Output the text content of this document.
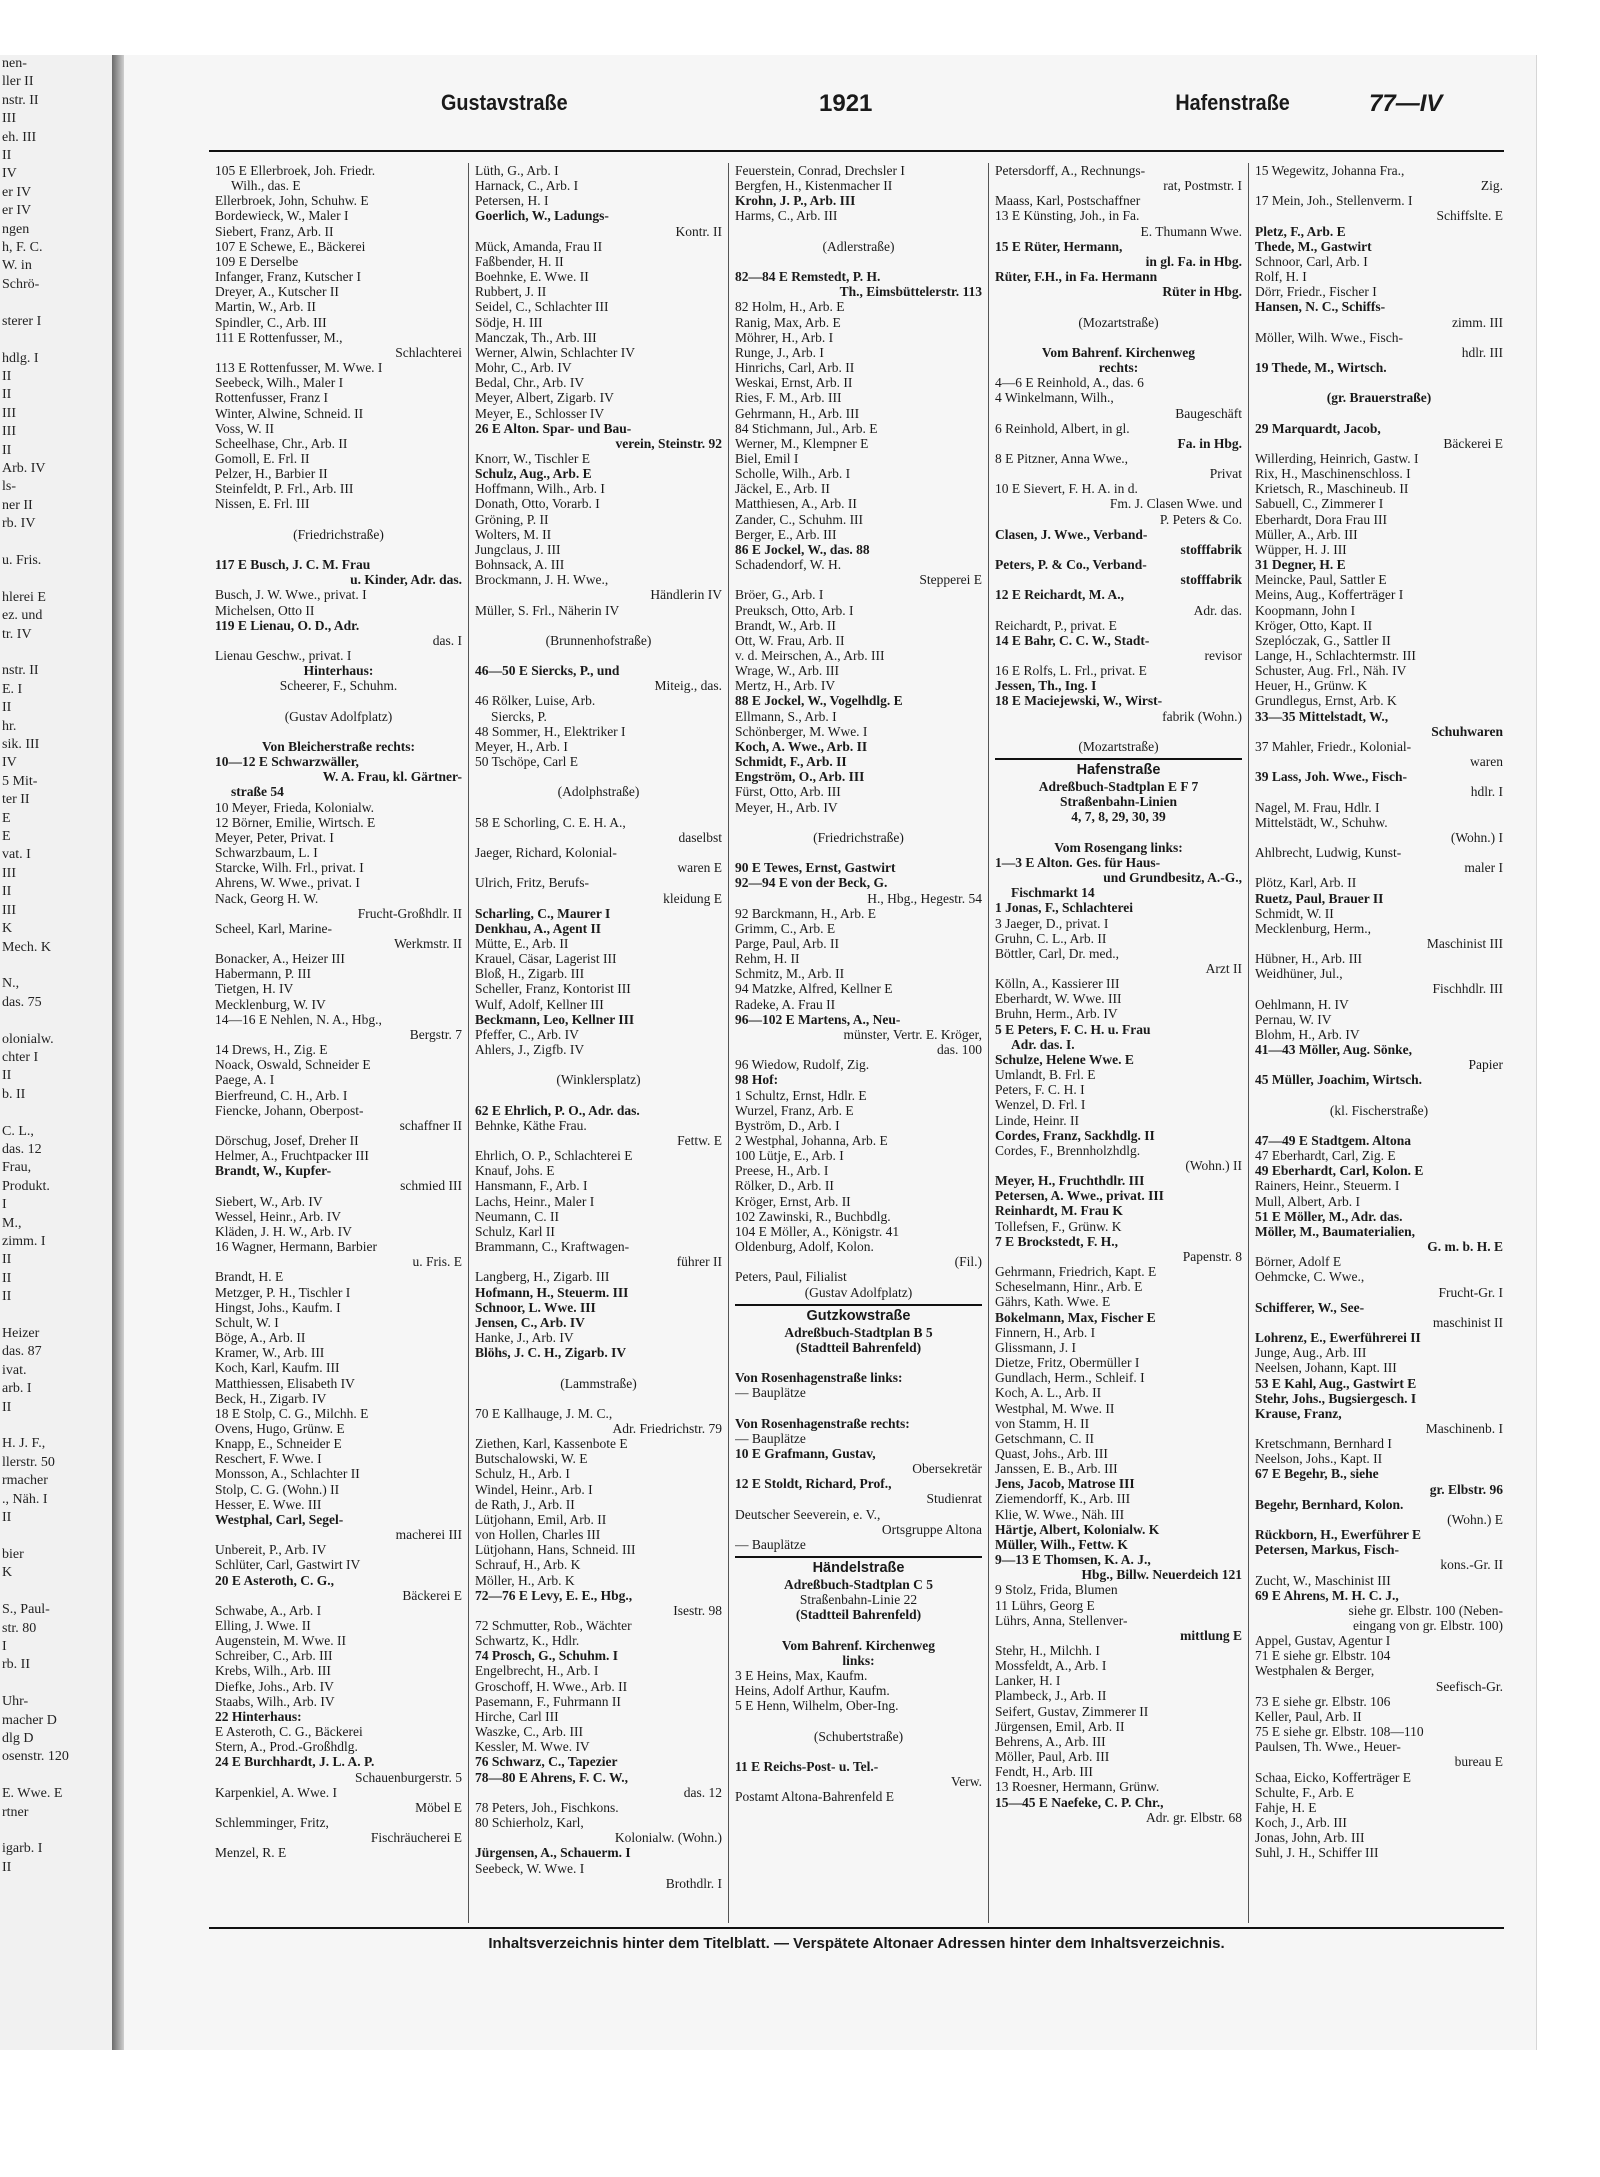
nen-
ller II
nstr. II
III
eh. III
II
IV
er IV
er IV
ngen
h, F. C.
W. in
Schrö-

sterer I

hdlg. I
II
II
III
III
II
Arb. IV
ls-
ner II
rb. IV

u. Fris.

hlerei E
ez. und
tr. IV

nstr. II
E. I
II
hr.
sik. III
IV
5 Mit-
ter II
E
E
vat. I
III
II
III
K
Mech. K

N.,
das. 75

olonialw.
chter I
II
b. II

C. L.,
das. 12
Frau,
Produkt.
I
M.,
zimm. I
II
II
II

Heizer
das. 87
ivat.
arb. I
II

H. J. F.,
llerstr. 50
rmacher
., Näh. I
II

bier
K

S., Paul-
str. 80
I
rb. II

Uhr-
macher D
dlg D
osenstr. 120

E. Wwe. E
rtner

igarb. I
II
Gustavstraße	1921	Hafenstraße	77—IV
105 E Ellerbroek, Joh. Friedr.
Wilh., das. E
Ellerbroek, John, Schuhw. E
Bordewieck, W., Maler I
Siebert, Franz, Arb. II
107 E Schewe, E., Bäckerei
109 E Derselbe
Infanger, Franz, Kutscher I
Dreyer, A., Kutscher II
Martin, W., Arb. II
Spindler, C., Arb. III
111 E Rottenfusser, M.,
Schlachterei
113 E Rottenfusser, M. Wwe. I
Seebeck, Wilh., Maler I
Rottenfusser, Franz I
Winter, Alwine, Schneid. II
Voss, W. II
Scheelhase, Chr., Arb. II
Gomoll, E. Frl. II
Pelzer, H., Barbier II
Steinfeldt, P. Frl., Arb. III
Nissen, E. Frl. III

(Friedrichstraße)

117 E Busch, J. C. M. Frau
u. Kinder, Adr. das.
Busch, J. W. Wwe., privat. I
Michelsen, Otto II
119 E Lienau, O. D., Adr.
das. I
Lienau Geschw., privat. I
Hinterhaus:
Scheerer, F., Schuhm.

(Gustav Adolfplatz)

Von Bleicherstraße rechts:
10—12 E Schwarzwäller,
W. A. Frau, kl. Gärtner-
straße 54
10 Meyer, Frieda, Kolonialw.
12 Börner, Emilie, Wirtsch. E
Meyer, Peter, Privat. I
Schwarzbaum, L. I
Starcke, Wilh. Frl., privat. I
Ahrens, W. Wwe., privat. I
Nack, Georg H. W.
Frucht-Großhdlr. II
Scheel, Karl, Marine-
Werkmstr. II
Bonacker, A., Heizer III
Habermann, P. III
Tietgen, H. IV
Mecklenburg, W. IV
14—16 E Nehlen, N. A., Hbg.,
Bergstr. 7
14 Drews, H., Zig. E
Noack, Oswald, Schneider E
Paege, A. I
Bierfreund, C. H., Arb. I
Fiencke, Johann, Oberpost-
schaffner II
Dörschug, Josef, Dreher II
Helmer, A., Fruchtpacker III
Brandt, W., Kupfer-
schmied III
Siebert, W., Arb. IV
Wessel, Heinr., Arb. IV
Kläden, J. H. W., Arb. IV
16 Wagner, Hermann, Barbier
u. Fris. E
Brandt, H. E
Metzger, P. H., Tischler I
Hingst, Johs., Kaufm. I
Schult, W. I
Böge, A., Arb. II
Kramer, W., Arb. III
Koch, Karl, Kaufm. III
Matthiessen, Elisabeth IV
Beck, H., Zigarb. IV
18 E Stolp, C. G., Milchh. E
Ovens, Hugo, Grünw. E
Knapp, E., Schneider E
Reschert, F. Wwe. I
Monsson, A., Schlachter II
Stolp, C. G. (Wohn.) II
Hesser, E. Wwe. III
Westphal, Carl, Segel-
macherei III
Unbereit, P., Arb. IV
Schlüter, Carl, Gastwirt IV
20 E Asteroth, C. G.,
Bäckerei E
Schwabe, A., Arb. I
Elling, J. Wwe. II
Augenstein, M. Wwe. II
Schreiber, C., Arb. III
Krebs, Wilh., Arb. III
Diefke, Johs., Arb. IV
Staabs, Wilh., Arb. IV
22 Hinterhaus:
E Asteroth, C. G., Bäckerei
Stern, A., Prod.-Großhdlg.
24 E Burchhardt, J. L. A. P.
Schauenburgerstr. 5
Karpenkiel, A. Wwe. I
Möbel E
Schlemminger, Fritz,
Fischräucherei E
Menzel, R. E
Lüth, G., Arb. I
Harnack, C., Arb. I
Petersen, H. I
Goerlich, W., Ladungs-
Kontr. II
Mück, Amanda, Frau II
Faßbender, H. II
Boehnke, E. Wwe. II
Rubbert, J. II
Seidel, C., Schlachter III
Södje, H. III
Manczak, Th., Arb. III
Werner, Alwin, Schlachter IV
Mohr, C., Arb. IV
Bedal, Chr., Arb. IV
Meyer, Albert, Zigarb. IV
Meyer, E., Schlosser IV
26 E Alton. Spar- und Bau-
verein, Steinstr. 92
Knorr, W., Tischler E
Schulz, Aug., Arb. E
Hoffmann, Wilh., Arb. I
Donath, Otto, Vorarb. I
Gröning, P. II
Wolters, M. II
Jungclaus, J. III
Bohnsack, A. III
Brockmann, J. H. Wwe.,
Händlerin IV
Müller, S. Frl., Näherin IV

(Brunnenhofstraße)

46—50 E Siercks, P., und
Miteig., das.
46 Rölker, Luise, Arb.
Siercks, P.
48 Sommer, H., Elektriker I
Meyer, H., Arb. I
50 Tschöpe, Carl E

(Adolphstraße)

58 E Schorling, C. E. H. A.,
daselbst
Jaeger, Richard, Kolonial-
waren E
Ulrich, Fritz, Berufs-
kleidung E
Scharling, C., Maurer I
Denkhau, A., Agent II
Mütte, E., Arb. II
Krauel, Cäsar, Lagerist III
Bloß, H., Zigarb. III
Scheller, Franz, Kontorist III
Wulf, Adolf, Kellner III
Beckmann, Leo, Kellner III
Pfeffer, C., Arb. IV
Ahlers, J., Zigfb. IV

(Winklersplatz)

62 E Ehrlich, P. O., Adr. das.
Behnke, Käthe Frau.
Fettw. E
Ehrlich, O. P., Schlachterei E
Knauf, Johs. E
Hansmann, F., Arb. I
Lachs, Heinr., Maler I
Neumann, C. II
Schulz, Karl II
Brammann, C., Kraftwagen-
führer II
Langberg, H., Zigarb. III
Hofmann, H., Steuerm. III
Schnoor, L. Wwe. III
Jensen, C., Arb. IV
Hanke, J., Arb. IV
Blöhs, J. C. H., Zigarb. IV

(Lammstraße)

70 E Kallhauge, J. M. C.,
Adr. Friedrichstr. 79
Ziethen, Karl, Kassenbote E
Butschalowski, W. E
Schulz, H., Arb. I
Windel, Heinr., Arb. I
de Rath, J., Arb. II
Lütjohann, Emil, Arb. II
von Hollen, Charles III
Lütjohann, Hans, Schneid. III
Schrauf, H., Arb. K
Möller, H., Arb. K
72—76 E Levy, E. E., Hbg.,
Isestr. 98
72 Schmutter, Rob., Wächter
Schwartz, K., Hdlr.
74 Prosch, G., Schuhm. I
Engelbrecht, H., Arb. I
Groschoff, H. Wwe., Arb. II
Pasemann, F., Fuhrmann II
Hirche, Carl III
Waszke, C., Arb. III
Kessler, M. Wwe. IV
76 Schwarz, C., Tapezier
78—80 E Ahrens, F. C. W.,
das. 12
78 Peters, Joh., Fischkons.
80 Schierholz, Karl,
Kolonialw. (Wohn.)
Jürgensen, A., Schauerm. I
Seebeck, W. Wwe. I
Brothdlr. I
Feuerstein, Conrad, Drechsler I
Bergfen, H., Kistenmacher II
Krohn, J. P., Arb. III
Harms, C., Arb. III

(Adlerstraße)

82—84 E Remstedt, P. H.
Th., Eimsbüttelerstr. 113
82 Holm, H., Arb. E
Ranig, Max, Arb. E
Möhrer, H., Arb. I
Runge, J., Arb. I
Hinrichs, Carl, Arb. II
Weskai, Ernst, Arb. II
Ries, F. M., Arb. III
Gehrmann, H., Arb. III
84 Stichmann, Jul., Arb. E
Werner, M., Klempner E
Biel, Emil I
Scholle, Wilh., Arb. I
Jäckel, E., Arb. II
Matthiesen, A., Arb. II
Zander, C., Schuhm. III
Berger, E., Arb. III
86 E Jockel, W., das. 88
Schadendorf, W. H.
Stepperei E
Bröer, G., Arb. I
Preuksch, Otto, Arb. I
Brandt, W., Arb. II
Ott, W. Frau, Arb. II
v. d. Meirschen, A., Arb. III
Wrage, W., Arb. III
Mertz, H., Arb. IV
88 E Jockel, W., Vogelhdlg. E
Ellmann, S., Arb. I
Schönberger, M. Wwe. I
Koch, A. Wwe., Arb. II
Schmidt, F., Arb. II
Engström, O., Arb. III
Fürst, Otto, Arb. III
Meyer, H., Arb. IV

(Friedrichstraße)

90 E Tewes, Ernst, Gastwirt
92—94 E von der Beck, G.
H., Hbg., Hegestr. 54
92 Barckmann, H., Arb. E
Grimm, C., Arb. E
Parge, Paul, Arb. II
Rehm, H. II
Schmitz, M., Arb. II
94 Matzke, Alfred, Kellner E
Radeke, A. Frau II
96—102 E Martens, A., Neu-
münster, Vertr. E. Kröger,
das. 100
96 Wiedow, Rudolf, Zig.
98 Hof:
1 Schultz, Ernst, Hdlr. E
Wurzel, Franz, Arb. E
Byström, D., Arb. I
2 Westphal, Johanna, Arb. E
100 Lütje, E., Arb. I
Preese, H., Arb. I
Rölker, D., Arb. II
Kröger, Ernst, Arb. II
102 Zawinski, R., Buchbdlg.
104 E Möller, A., Königstr. 41
Oldenburg, Adolf, Kolon.
(Fil.)
Peters, Paul, Filialist
(Gustav Adolfplatz)
Gutzkowstraße
Adreßbuch-Stadtplan B 5
(Stadtteil Bahrenfeld)

Von Rosenhagenstraße links:
— Bauplätze

Von Rosenhagenstraße rechts:
— Bauplätze
10 E Grafmann, Gustav,
Obersekretär
12 E Stoldt, Richard, Prof.,
Studienrat
Deutscher Seeverein, e. V.,
Ortsgruppe Altona
— Bauplätze
Händelstraße
Adreßbuch-Stadtplan C 5
Straßenbahn-Linie 22
(Stadtteil Bahrenfeld)

Vom Bahrenf. Kirchenweg
links:
3 E Heins, Max, Kaufm.
Heins, Adolf Arthur, Kaufm.
5 E Henn, Wilhelm, Ober-Ing.

(Schubertstraße)

11 E Reichs-Post- u. Tel.-
Verw.
Postamt Altona-Bahrenfeld E
Petersdorff, A., Rechnungs-
rat, Postmstr. I
Maass, Karl, Postschaffner
13 E Künsting, Joh., in Fa.
E. Thumann Wwe.
15 E Rüter, Hermann,
in gl. Fa. in Hbg.
Rüter, F.H., in Fa. Hermann
Rüter in Hbg.

(Mozartstraße)

Vom Bahrenf. Kirchenweg
rechts:
4—6 E Reinhold, A., das. 6
4 Winkelmann, Wilh.,
Baugeschäft
6 Reinhold, Albert, in gl.
Fa. in Hbg.
8 E Pitzner, Anna Wwe.,
Privat
10 E Sievert, F. H. A. in d.
Fm. J. Clasen Wwe. und
P. Peters & Co.
Clasen, J. Wwe., Verband-
stofffabrik
Peters, P. & Co., Verband-
stofffabrik
12 E Reichardt, M. A.,
Adr. das.
Reichardt, P., privat. E
14 E Bahr, C. C. W., Stadt-
revisor
16 E Rolfs, L. Frl., privat. E
Jessen, Th., Ing. I
18 E Maciejewski, W., Wirst-
fabrik (Wohn.)

(Mozartstraße)
Hafenstraße
Adreßbuch-Stadtplan E F 7
Straßenbahn-Linien
4, 7, 8, 29, 30, 39

Vom Rosengang links:
1—3 E Alton. Ges. für Haus-
und Grundbesitz, A.-G.,
Fischmarkt 14
1 Jonas, F., Schlachterei
3 Jaeger, D., privat. I
Gruhn, C. L., Arb. II
Böttler, Carl, Dr. med.,
Arzt II
Kölln, A., Kassierer III
Eberhardt, W. Wwe. III
Bruhn, Herm., Arb. IV
5 E Peters, F. C. H. u. Frau
Adr. das. I.
Schulze, Helene Wwe. E
Umlandt, B. Frl. E
Peters, F. C. H. I
Wenzel, D. Frl. I
Linde, Heinr. II
Cordes, Franz, Sackhdlg. II
Cordes, F., Brennholzhdlg.
(Wohn.) II
Meyer, H., Fruchthdlr. III
Petersen, A. Wwe., privat. III
Reinhardt, M. Frau K
Tollefsen, F., Grünw. K
7 E Brockstedt, F. H.,
Papenstr. 8
Gehrmann, Friedrich, Kapt. E
Scheselmann, Hinr., Arb. E
Gährs, Kath. Wwe. E
Bokelmann, Max, Fischer E
Finnern, H., Arb. I
Glissmann, J. I
Dietze, Fritz, Obermüller I
Gundlach, Herm., Schleif. I
Koch, A. L., Arb. II
Westphal, M. Wwe. II
von Stamm, H. II
Getschmann, C. II
Quast, Johs., Arb. III
Janssen, E. B., Arb. III
Jens, Jacob, Matrose III
Ziemendorff, K., Arb. III
Klie, W. Wwe., Näh. III
Härtje, Albert, Kolonialw. K
Müller, Wilh., Fettw. K
9—13 E Thomsen, K. A. J.,
Hbg., Billw. Neuerdeich 121
9 Stolz, Frida, Blumen
11 Lührs, Georg E
Lührs, Anna, Stellenver-
mittlung E
Stehr, H., Milchh. I
Mossfeldt, A., Arb. I
Lanker, H. I
Plambeck, J., Arb. II
Seifert, Gustav, Zimmerer II
Jürgensen, Emil, Arb. II
Behrens, A., Arb. III
Möller, Paul, Arb. III
Fendt, H., Arb. III
13 Roesner, Hermann, Grünw.
15—45 E Naefeke, C. P. Chr.,
Adr. gr. Elbstr. 68
15 Wegewitz, Johanna Fra.,
Zig.
17 Mein, Joh., Stellenverm. I
Schiffslte. E
Pletz, F., Arb. E
Thede, M., Gastwirt
Schnoor, Carl, Arb. I
Rolf, H. I
Dörr, Friedr., Fischer I
Hansen, N. C., Schiffs-
zimm. III
Möller, Wilh. Wwe., Fisch-
hdlr. III
19 Thede, M., Wirtsch.

(gr. Brauerstraße)

29 Marquardt, Jacob,
Bäckerei E
Willerding, Heinrich, Gastw. I
Rix, H., Maschinenschloss. I
Krietsch, R., Maschineub. II
Sabuell, C., Zimmerer I
Eberhardt, Dora Frau III
Müller, A., Arb. III
Wüpper, H. J. III
31 Degner, H. E
Meincke, Paul, Sattler E
Meins, Aug., Kofferträger I
Koopmann, John I
Kröger, Otto, Kapt. II
Szeplóczak, G., Sattler II
Lange, H., Schlachtermstr. III
Schuster, Aug. Frl., Näh. IV
Heuer, H., Grünw. K
Grundlegus, Ernst, Arb. K
33—35 Mittelstadt, W.,
Schuhwaren
37 Mahler, Friedr., Kolonial-
waren
39 Lass, Joh. Wwe., Fisch-
hdlr. I
Nagel, M. Frau, Hdlr. I
Mittelstädt, W., Schuhw.
(Wohn.) I
Ahlbrecht, Ludwig, Kunst-
maler I
Plötz, Karl, Arb. II
Ruetz, Paul, Brauer II
Schmidt, W. II
Mecklenburg, Herm.,
Maschinist III
Hübner, H., Arb. III
Weidhüner, Jul.,
Fischhdlr. III
Oehlmann, H. IV
Pernau, W. IV
Blohm, H., Arb. IV
41—43 Möller, Aug. Sönke,
Papier
45 Müller, Joachim, Wirtsch.

(kl. Fischerstraße)

47—49 E Stadtgem. Altona
47 Eberhardt, Carl, Zig. E
49 Eberhardt, Carl, Kolon. E
Rainers, Heinr., Steuerm. I
Mull, Albert, Arb. I
51 E Möller, M., Adr. das.
Möller, M., Baumaterialien,
G. m. b. H. E
Börner, Adolf E
Oehmcke, C. Wwe.,
Frucht-Gr. I
Schifferer, W., See-
maschinist II
Lohrenz, E., Ewerführerei II
Junge, Aug., Arb. III
Neelsen, Johann, Kapt. III
53 E Kahl, Aug., Gastwirt E
Stehr, Johs., Bugsiergesch. I
Krause, Franz,
Maschinenb. I
Kretschmann, Bernhard I
Neelson, Johs., Kapt. II
67 E Begehr, B., siehe
gr. Elbstr. 96
Begehr, Bernhard, Kolon.
(Wohn.) E
Rückborn, H., Ewerführer E
Petersen, Markus, Fisch-
kons.-Gr. II
Zucht, W., Maschinist III
69 E Ahrens, M. H. C. J.,
siehe gr. Elbstr. 100 (Neben-
eingang von gr. Elbstr. 100)
Appel, Gustav, Agentur I
71 E siehe gr. Elbstr. 104
Westphalen & Berger,
Seefisch-Gr.
73 E siehe gr. Elbstr. 106
Keller, Paul, Arb. II
75 E siehe gr. Elbstr. 108—110
Paulsen, Th. Wwe., Heuer-
bureau E
Schaa, Eicko, Kofferträger E
Schulte, F., Arb. E
Fahje, H. E
Koch, J., Arb. III
Jonas, John, Arb. III
Suhl, J. H., Schiffer III
Inhaltsverzeichnis hinter dem Titelblatt. — Verspätete Altonaer Adressen hinter dem Inhaltsverzeichnis.
